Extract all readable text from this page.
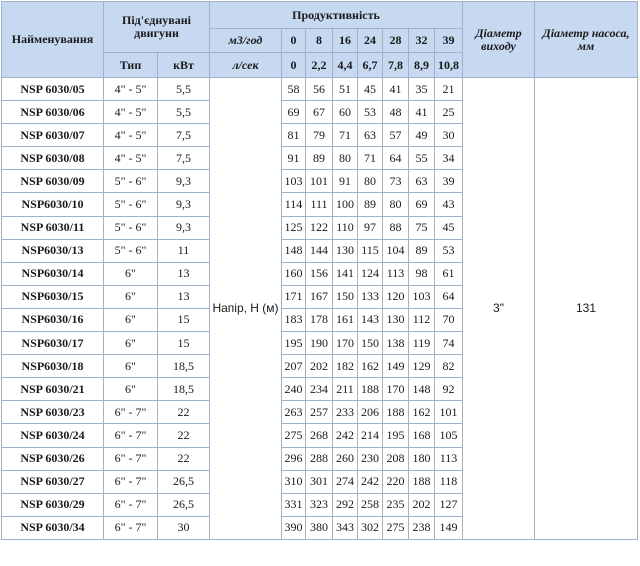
Найменування	Під'єднувані двигуни		Продуктивність								Діаметр виходу	Діаметр насоса, мм
			м3/год	0	8	16	24	28	32	39		
	Тип	кВт	л/сек	0	2,2	4,4	6,7	7,8	8,9	10,8		
NSP 6030/05	4" - 5"	5,5	Напір, Н (м)	58	56	51	45	41	35	21	3"	131
NSP 6030/06	4" - 5"	5,5		69	67	60	53	48	41	25		
NSP 6030/07	4" - 5"	7,5		81	79	71	63	57	49	30		
NSP 6030/08	4" - 5"	7,5		91	89	80	71	64	55	34		
NSP 6030/09	5" - 6"	9,3		103	101	91	80	73	63	39		
NSP6030/10	5" - 6"	9,3		114	111	100	89	80	69	43		
NSP 6030/11	5" - 6"	9,3		125	122	110	97	88	75	45		
NSP6030/13	5" - 6"	11		148	144	130	115	104	89	53		
NSP6030/14	6"	13		160	156	141	124	113	98	61		
NSP6030/15	6"	13		171	167	150	133	120	103	64		
NSP6030/16	6"	15		183	178	161	143	130	112	70		
NSP6030/17	6"	15		195	190	170	150	138	119	74		
NSP6030/18	6"	18,5		207	202	182	162	149	129	82		
NSP 6030/21	6"	18,5		240	234	211	188	170	148	92		
NSP 6030/23	6" - 7"	22		263	257	233	206	188	162	101		
NSP 6030/24	6" - 7"	22		275	268	242	214	195	168	105		
NSP 6030/26	6" - 7"	22		296	288	260	230	208	180	113		
NSP 6030/27	6" - 7"	26,5		310	301	274	242	220	188	118		
NSP 6030/29	6" - 7"	26,5		331	323	292	258	235	202	127		
NSP 6030/34	6" - 7"	30		390	380	343	302	275	238	149		
